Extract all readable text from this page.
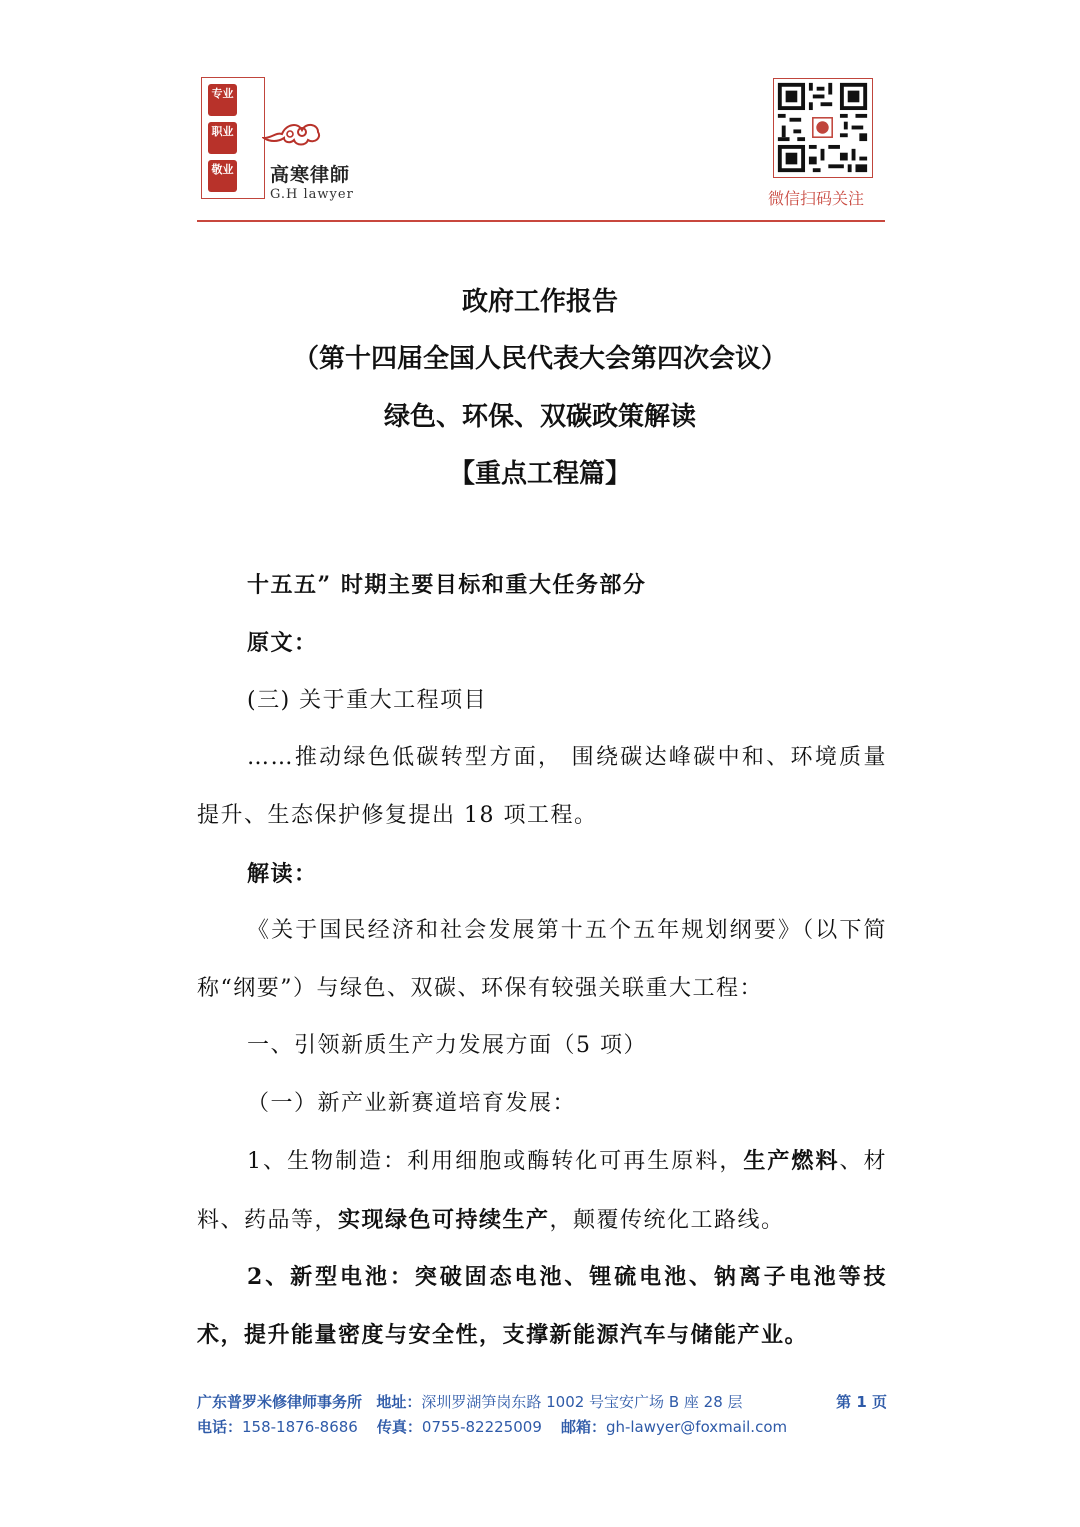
专业
职业
敬业 高寒律師
G.H lawyer	微信扫码关注
政府工作报告
（第十四届全国人民代表大会第四次会议）
绿色、环保、双碳政策解读
【重点工程篇】
十五五” 时期主要目标和重大任务部分
原文：
(三) 关于重大工程项目
……推动绿色低碳转型方面， 围绕碳达峰碳中和、环境质量提升、生态保护修复提出 18 项工程。
解读：
《关于国民经济和社会发展第十五个五年规划纲要》（以下简称“纲要”）与绿色、双碳、环保有较强关联重大工程：
一、引领新质生产力发展方面（5 项）
（一）新产业新赛道培育发展：
1、生物制造：利用细胞或酶转化可再生原料，生产燃料、材料、药品等，实现绿色可持续生产，颠覆传统化工路线。
2、新型电池：突破固态电池、锂硫电池、钠离子电池等技术，提升能量密度与安全性，支撑新能源汽车与储能产业。
广东普罗米修律师事务所 地址：深圳罗湖笋岗东路 1002 号宝安广场 B 座 28 层	第 1 页
电话：158-1876-8686 传真：0755-82225009 邮箱：gh-lawyer@foxmail.com
